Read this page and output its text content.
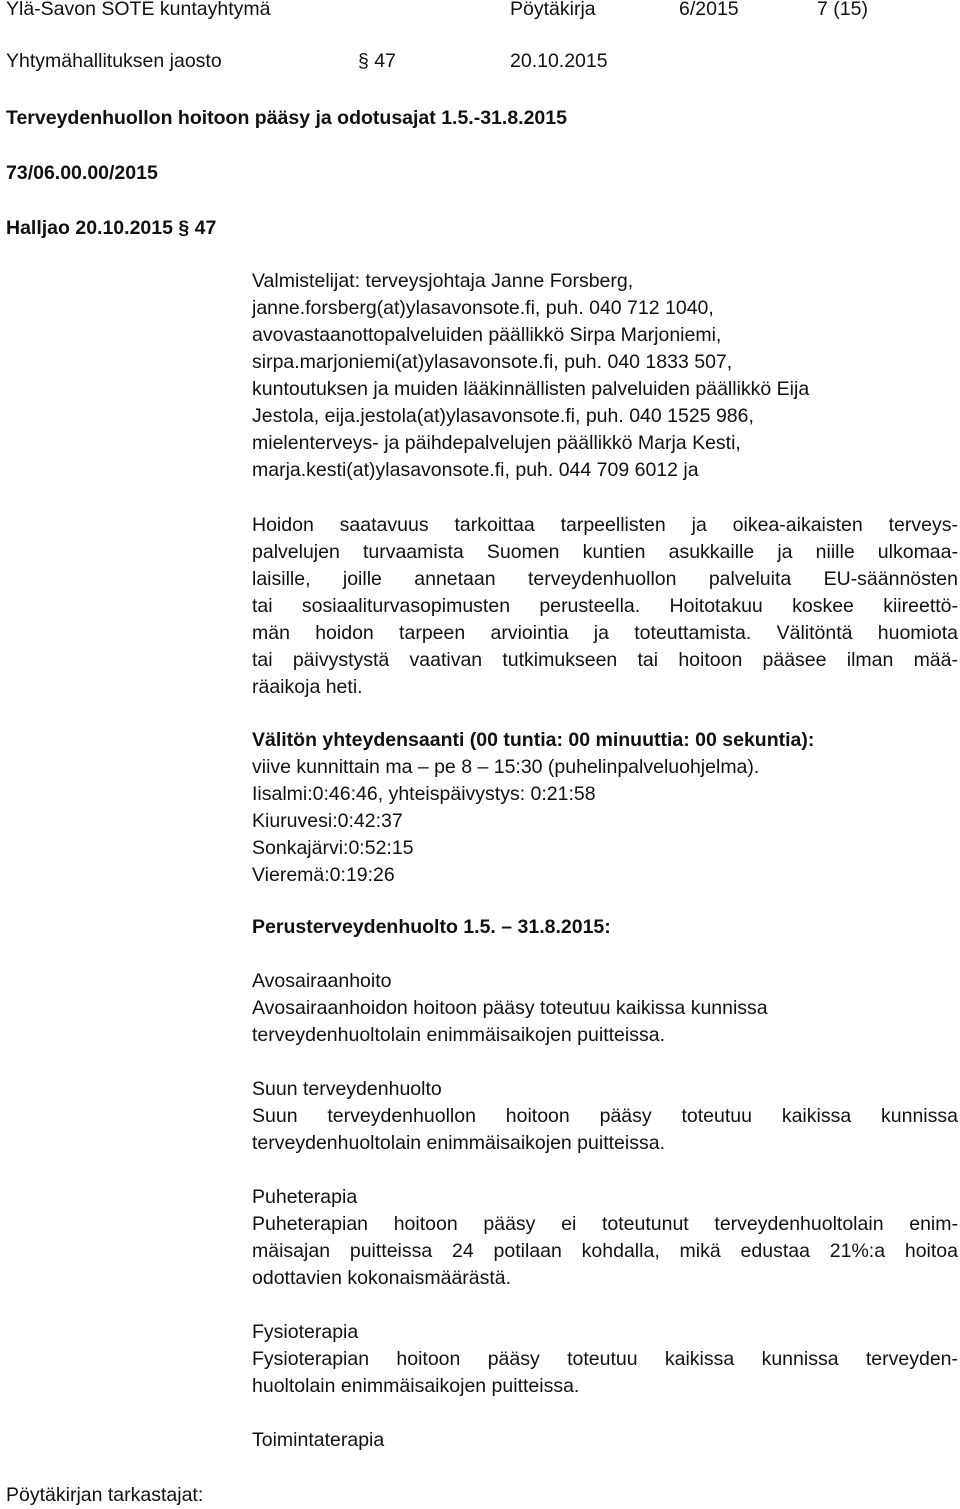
Ylä-Savon SOTE kuntayhtymä	Pöytäkirja	6/2015	7 (15)
Yhtymähallituksen jaosto	§ 47	20.10.2015
Terveydenhuollon hoitoon pääsy ja odotusajat 1.5.-31.8.2015
73/06.00.00/2015
Halljao 20.10.2015 § 47
Valmistelijat: terveysjohtaja Janne Forsberg,
janne.forsberg(at)ylasavonsote.fi, puh. 040 712 1040,
avovastaanottopalveluiden päällikkö Sirpa Marjoniemi,
sirpa.marjoniemi(at)ylasavonsote.fi, puh. 040 1833 507,
kuntoutuksen ja muiden lääkinnällisten palveluiden päällikkö Eija
Jestola, eija.jestola(at)ylasavonsote.fi, puh. 040 1525 986,
mielenterveys- ja päihdepalvelujen päällikkö Marja Kesti,
marja.kesti(at)ylasavonsote.fi, puh. 044 709 6012 ja
Hoidon saatavuus tarkoittaa tarpeellisten ja oikea-aikaisten terveys-
palvelujen turvaamista Suomen kuntien asukkaille ja niille ulkomaa-
laisille, joille annetaan terveydenhuollon palveluita EU-säännösten
tai sosiaaliturvasopimusten perusteella. Hoitotakuu koskee kiireettö-
män hoidon tarpeen arviointia ja toteuttamista. Välitöntä huomiota
tai päivystystä vaativan tutkimukseen tai hoitoon pääsee ilman mää-
räaikoja heti.
Välitön yhteydensaanti (00 tuntia: 00 minuuttia: 00 sekuntia):
viive kunnittain ma – pe 8 – 15:30 (puhelinpalveluohjelma).
Iisalmi:0:46:46, yhteispäivystys: 0:21:58
Kiuruvesi:0:42:37
Sonkajärvi:0:52:15
Vieremä:0:19:26
Perusterveydenhuolto 1.5. – 31.8.2015:
Avosairaanhoito
Avosairaanhoidon hoitoon pääsy toteutuu kaikissa kunnissa
terveydenhuoltolain enimmäisaikojen puitteissa.
Suun terveydenhuolto
Suun terveydenhuollon hoitoon pääsy toteutuu kaikissa kunnissa
terveydenhuoltolain enimmäisaikojen puitteissa.
Puheterapia
Puheterapian hoitoon pääsy ei toteutunut terveydenhuoltolain enim-
mäisajan puitteissa 24 potilaan kohdalla, mikä edustaa 21%:a hoitoa
odottavien kokonaismäärästä.
Fysioterapia
Fysioterapian hoitoon pääsy toteutuu kaikissa kunnissa terveyden-
huoltolain enimmäisaikojen puitteissa.
Toimintaterapia
Pöytäkirjan tarkastajat:
